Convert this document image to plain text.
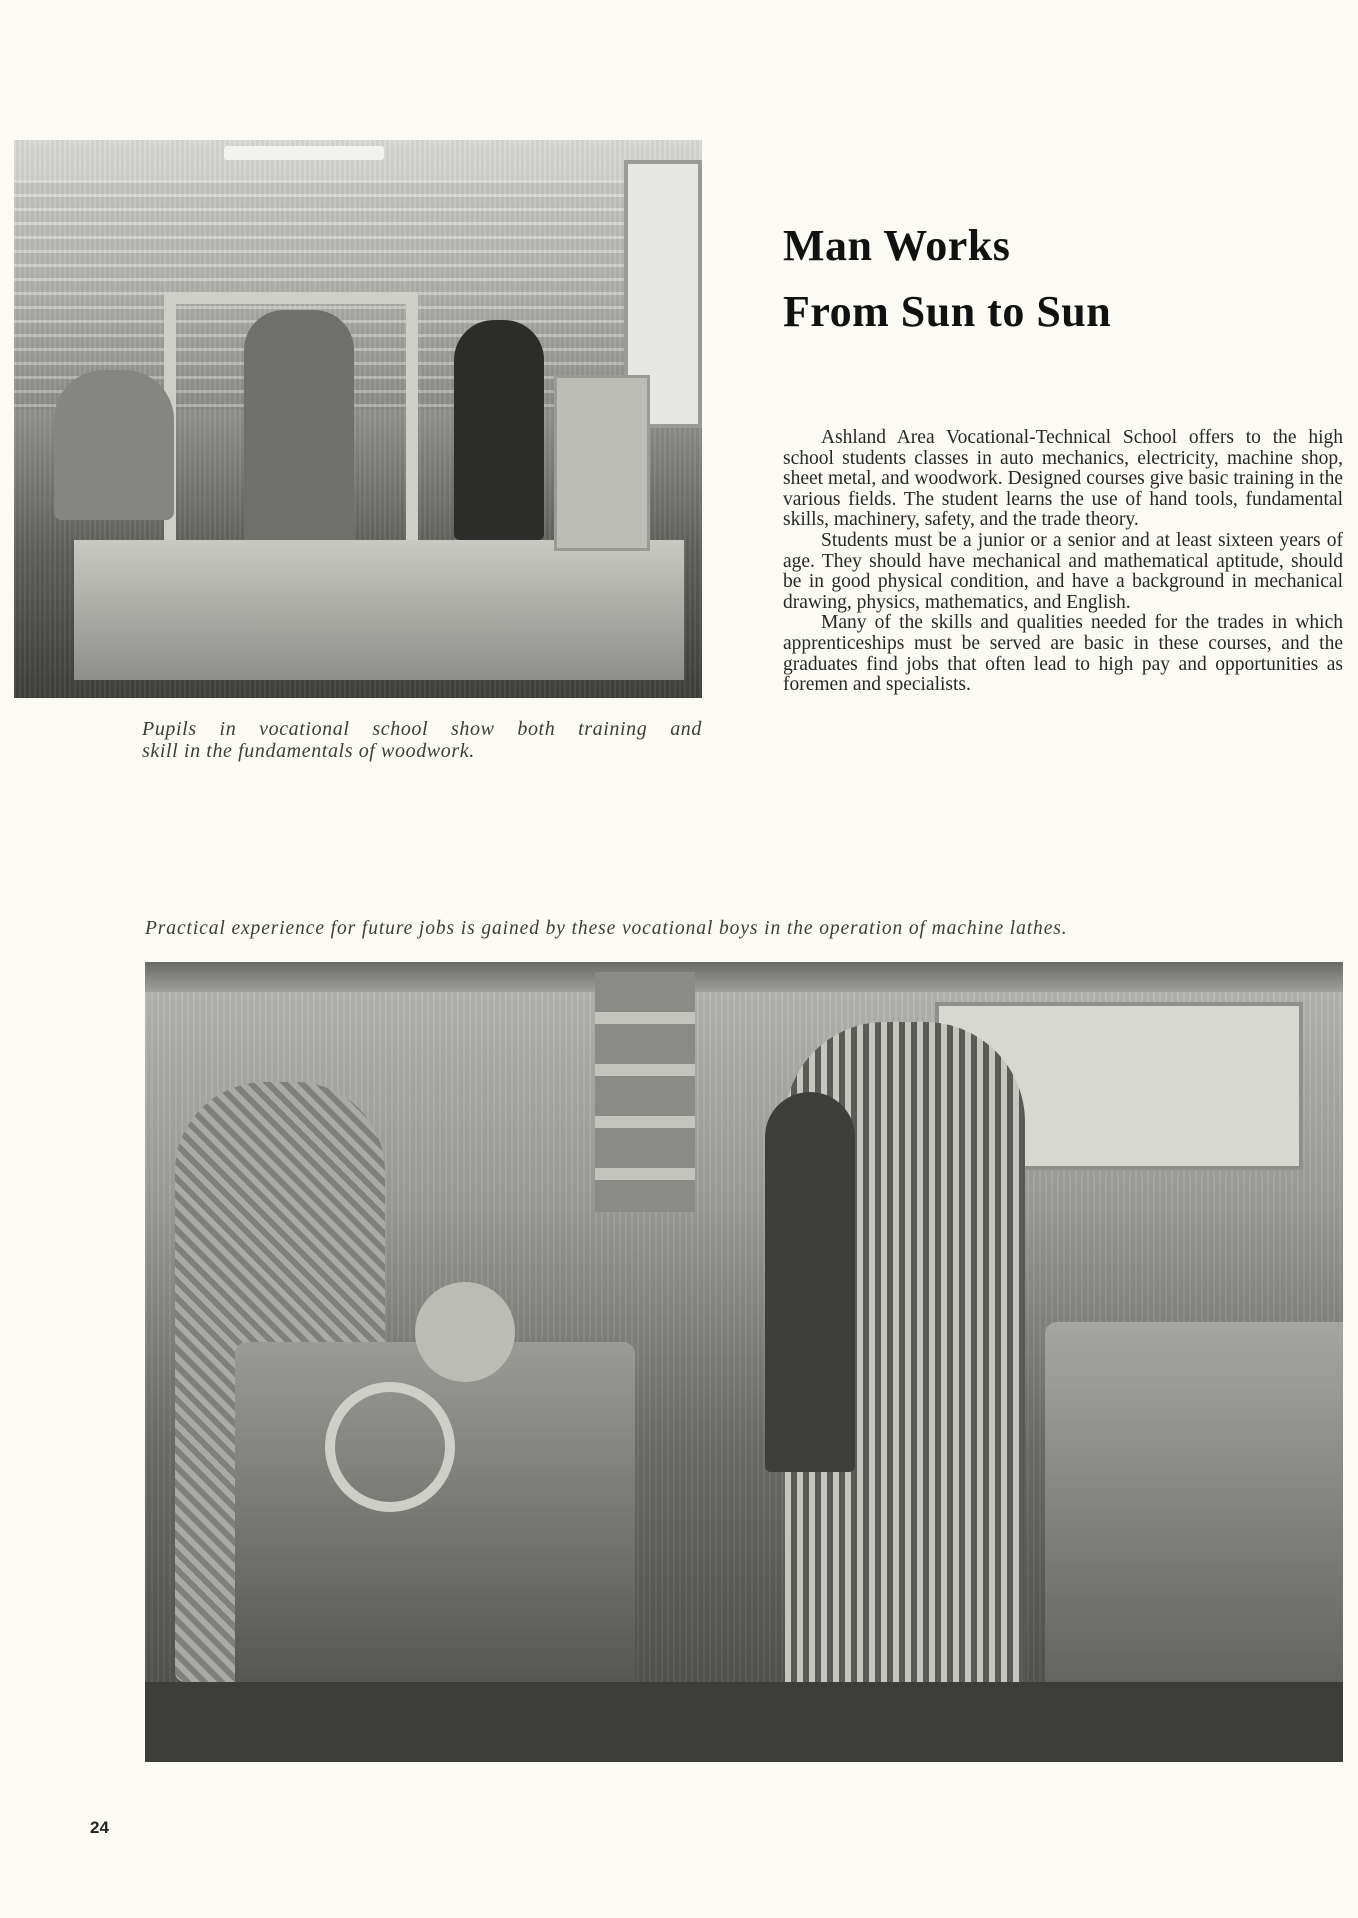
Pupils in vocational school show both training and
skill in the fundamentals of woodwork.

Man Works
From Sun to Sun

Ashland Area Vocational-Technical School offers to the high school students classes in auto mechanics, electricity, machine shop, sheet metal, and woodwork. Designed courses give basic training in the various fields. The student learns the use of hand tools, fundamental skills, machinery, safety, and the trade theory.

Students must be a junior or a senior and at least sixteen years of age. They should have mechanical and mathematical aptitude, should be in good physical condition, and have a background in mechanical drawing, physics, mathematics, and English.

Many of the skills and qualities needed for the trades in which apprenticeships must be served are basic in these courses, and the graduates find jobs that often lead to high pay and opportunities as foremen and specialists.

Practical experience for future jobs is gained by these vocational boys in the operation of machine lathes.

24
